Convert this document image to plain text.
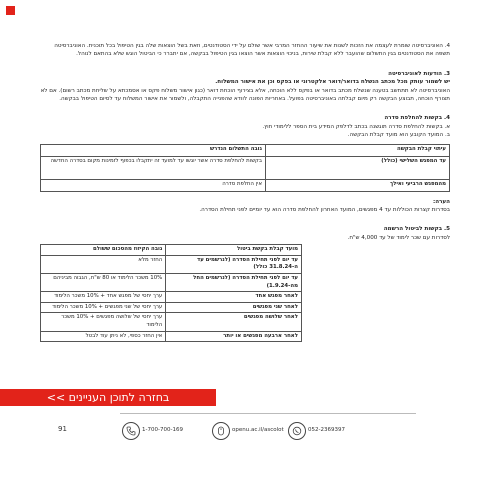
4. האוניברסיטה שומרת לעצמה את הזכות לשנות את שיעור ההחזר המרבי אשר שולם על ידי הסטודנטים, וזאת בשל הוצאות שלה בגין הטיפול בכל תוכנית. האוניברסיטה תשפה את הסטודנטים בגין התשלום שהועבר ללא קבלת שירות, בניכוי הוצאות אשר הוצאו בגין הטיפול בבקשה, אם יתברר כי הביטול הוגש שלא בהתאם לנוהל.

3. הודעות לאוניברסיטה

יש לשמור עותק מכל מכתב הנשלח בדואר/דואר אלקטרוני או בפקס וכן את אישור המשלוח.

האוניברסיטה לא תתחשב בטענה שנשלח מכתב בדואר או בפקס ללא הוכחה, אלא בצירוף הוכחת דואר (כגון אישור משלוח פקס או אסמכתא על שליחת מכתב רשום). אם לא תצורף הוכחה, תבוצע הבקשה רק מיום קבלתה באוניברסיטה בפועל. באחריות הפונה לוודא שהפנייה התקבלה, ולשמור את אישור המשלוח עד לסיום הטיפול בבקשה.

4. בקשות להחלפת סדרה

א. בקשות להחלפת סדרה תוגשנה בכתב לדלפק המידע בית הספר ללימודי חוץ.

ב. המועד הקובע הוא מועד קבלת הבקשה.

עיתוי קבלת הבקשה	גובה התשלום הנדרש
עד המפגש השלישי (כולל)	בקשות להחלפת סדרה אשר יוגשו עד למועד זה יתקבלו בכפוף לזמינות מקום בסדרה החדשה
מהמפגש הרביעי ואילך	אין החלפת סדרה

הערה:

בסדרות קצרות הכוללות עד 4 מפגשים, המועד האחרון להחלפת סדרה הוא עד יומיים לפני תחילת הסדרה.

5. בקשות לביטול הרשמה

לסדרות עם שכר לימוד של עד 4,000 ש"ח.

מועד קבלת בקשת ביטול	גובה הקיזוז מהסכום ששולם
עד יום לפני תחילת הסדרה (לנרשמים עד ה-31.8.24 כולל)	החזר מלא
עד יום לפני תחילת הסדרה (לנרשמים החל מה-1.9.24)	10% משכר הלימוד או 80 ש"ח, הגבוה מביניהם
לאחר מפגש אחד	ערך יחסי של מפגש אחד + 10% משכר הלימוד
לאחר שני מפגשים	ערך יחסי של שני מפגשים + 10% משכר הלימוד
לאחר שלושה מפגשים	ערך יחסי של שלושה מפגשים + 10% משכר הלימוד
לאחר ארבעה מפגשים או יותר	אין החזר כספי, לא ניתן עוד לבטל
בחזרה לתוכן העניינים >>
91	1-700-700-169	openu.ac.il/ascolot	052-2369397
